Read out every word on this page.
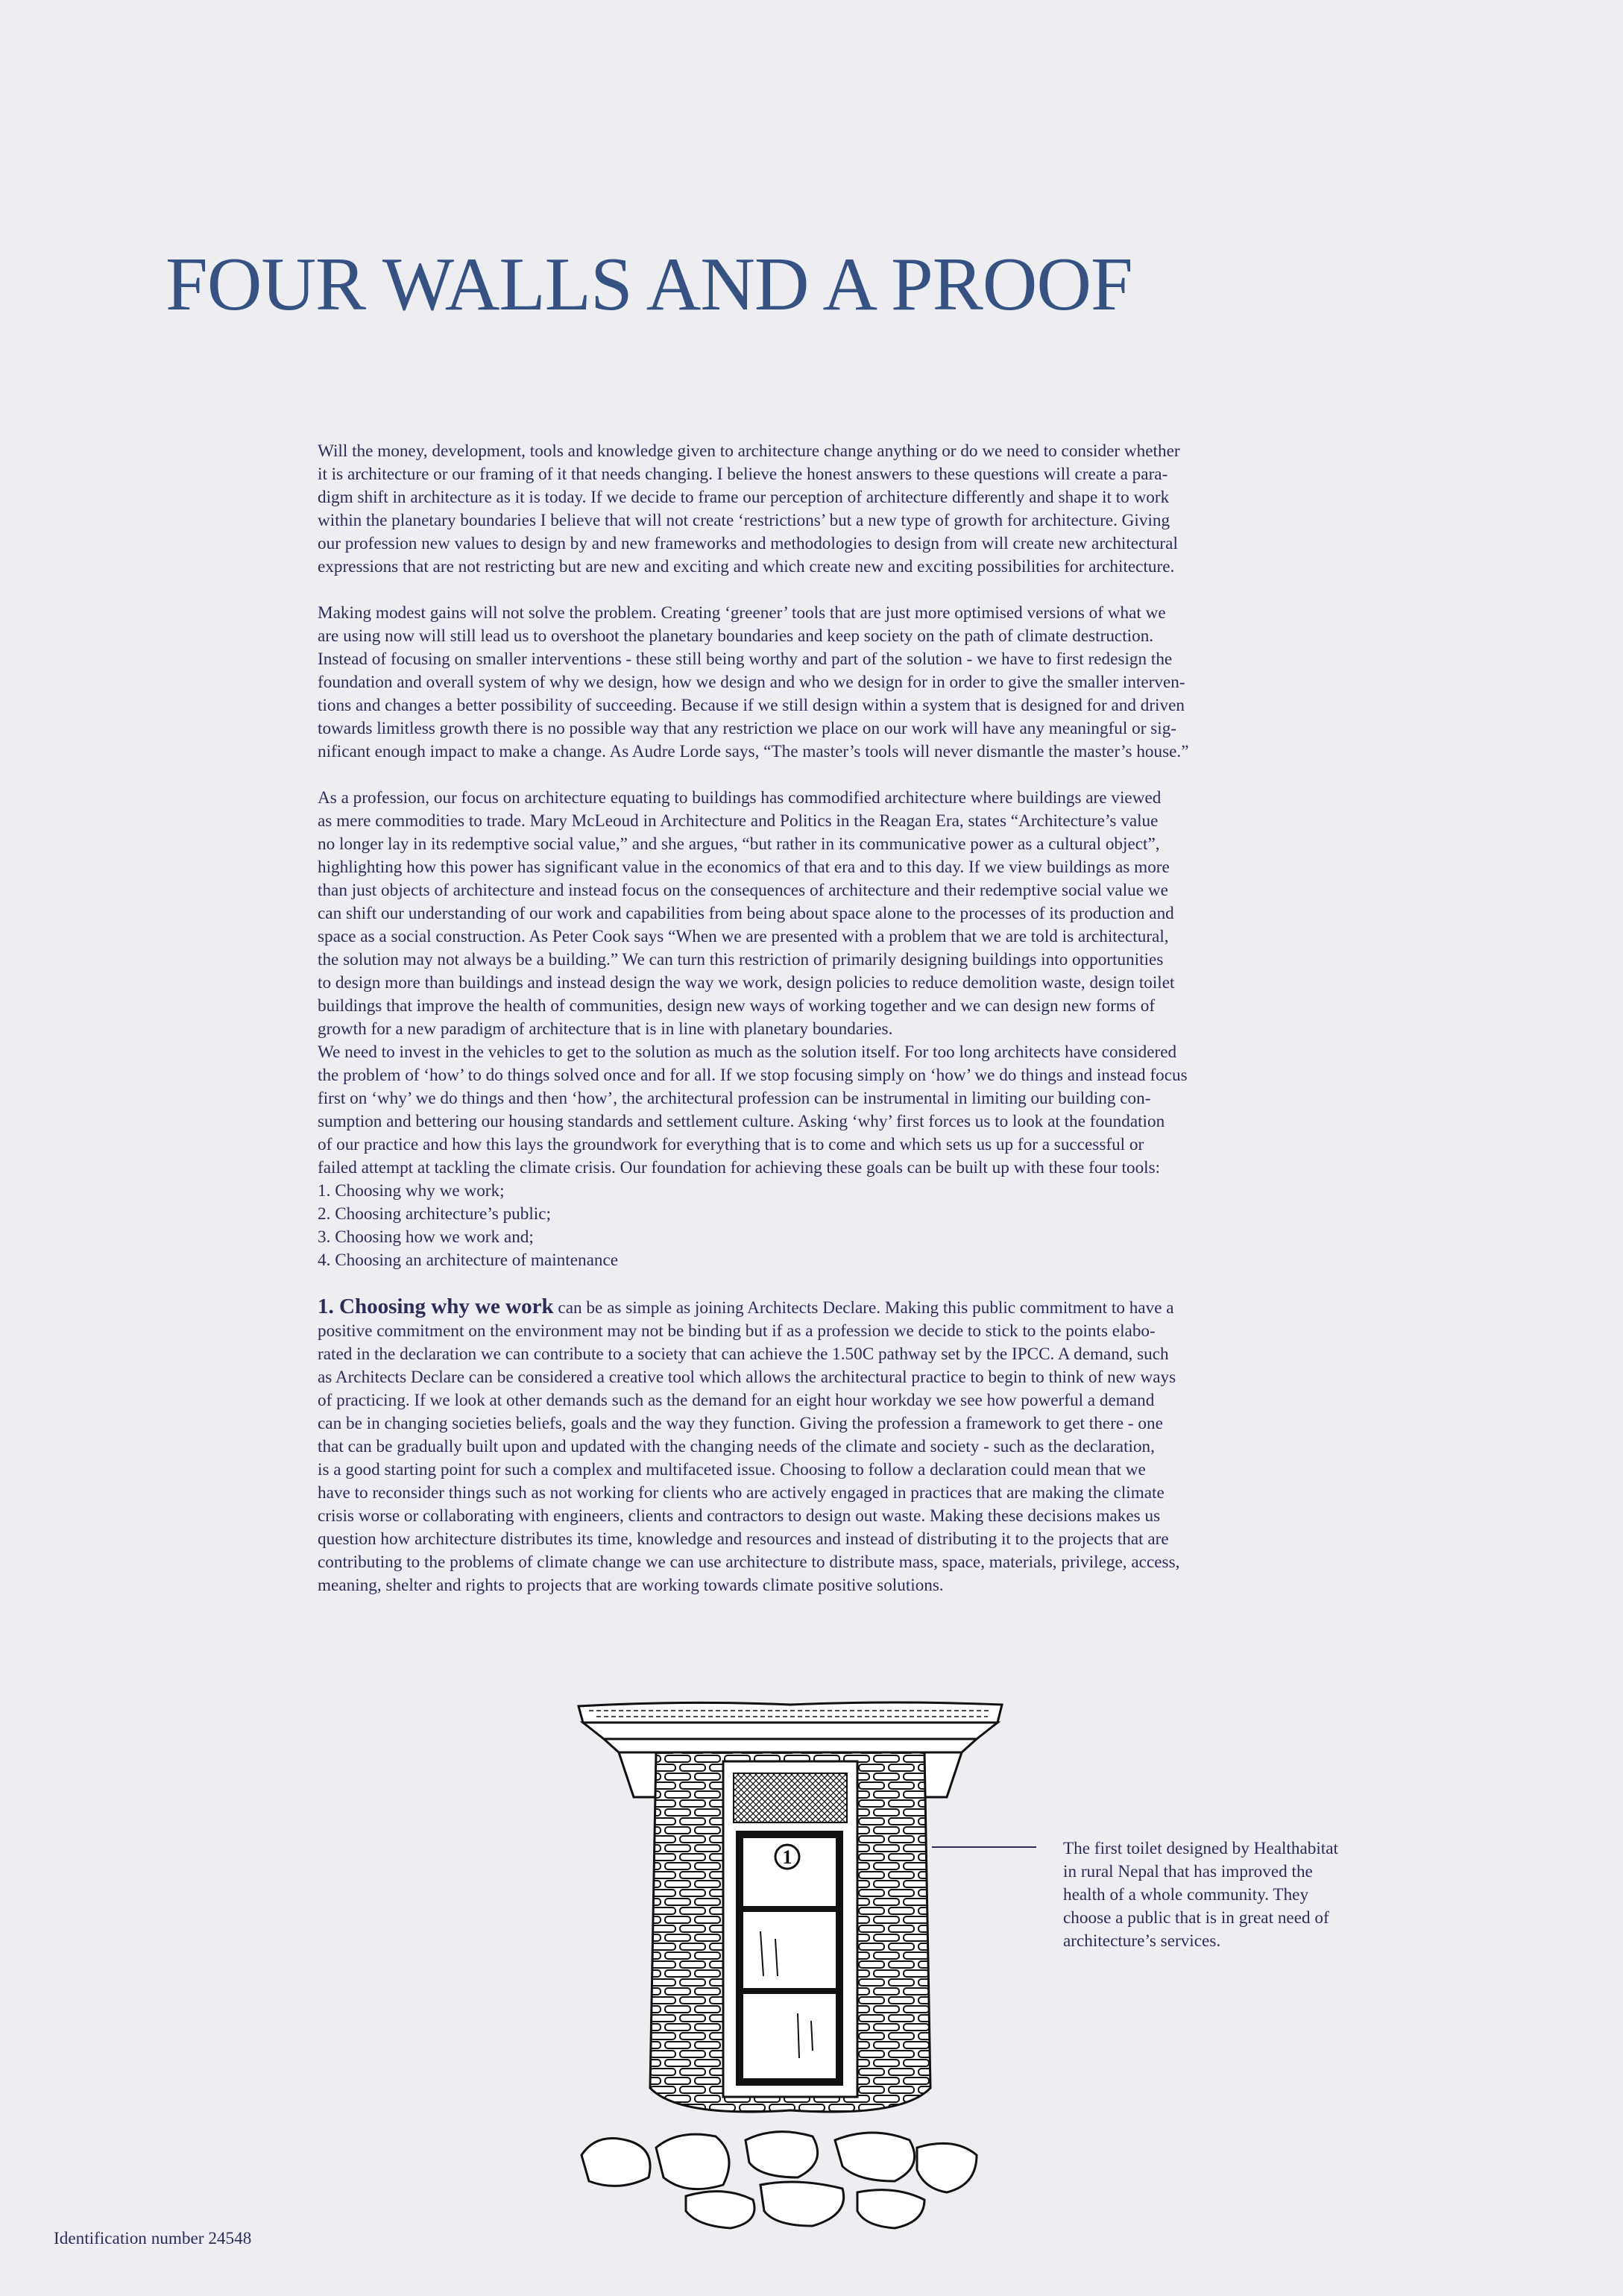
FOUR WALLS AND A PROOF

Will the money, development, tools and knowledge given to architecture change anything or do we need to consider whether

it is architecture or our framing of it that needs changing. I believe the honest answers to these questions will create a para-

digm shift in architecture as it is today. If we decide to frame our perception of architecture differently and shape it to work

within the planetary boundaries I believe that will not create ‘restrictions’ but a new type of growth for architecture. Giving

our profession new values to design by and new frameworks and methodologies to design from will create new architectural

expressions that are not restricting but are new and exciting and which create new and exciting possibilities for architecture.

Making modest gains will not solve the problem. Creating ‘greener’ tools that are just more optimised versions of what we

are using now will still lead us to overshoot the planetary boundaries and keep society on the path of climate destruction.

Instead of focusing on smaller interventions - these still being worthy and part of the solution - we have to first redesign the

foundation and overall system of why we design, how we design and who we design for in order to give the smaller interven-

tions and changes a better possibility of succeeding. Because if we still design within a system that is designed for and driven

towards limitless growth there is no possible way that any restriction we place on our work will have any meaningful or sig-

nificant enough impact to make a change. As Audre Lorde says, “The master’s tools will never dismantle the master’s house.”

As a profession, our focus on architecture equating to buildings has commodified architecture where buildings are viewed

as mere commodities to trade. Mary McLeoud in Architecture and Politics in the Reagan Era, states “Architecture’s value

no longer lay in its redemptive social value,” and she argues, “but rather in its communicative power as a cultural object”,

highlighting how this power has significant value in the economics of that era and to this day. If we view buildings as more

than just objects of architecture and instead focus on the consequences of architecture and their redemptive social value we

can shift our understanding of our work and capabilities from being about space alone to the processes of its production and

space as a social construction. As Peter Cook says “When we are presented with a problem that we are told is architectural,

the solution may not always be a building.” We can turn this restriction of primarily designing buildings into opportunities

to design more than buildings and instead design the way we work, design policies to reduce demolition waste, design toilet

buildings that improve the health of communities, design new ways of working together and we can design new forms of

growth for a new paradigm of architecture that is in line with planetary boundaries.

We need to invest in the vehicles to get to the solution as much as the solution itself. For too long architects have considered

the problem of ‘how’ to do things solved once and for all. If we stop focusing simply on ‘how’ we do things and instead focus

first on ‘why’ we do things and then ‘how’, the architectural profession can be instrumental in limiting our building con-

sumption and bettering our housing standards and settlement culture. Asking ‘why’ first forces us to look at the foundation

of our practice and how this lays the groundwork for everything that is to come and which sets us up for a successful or

failed attempt at tackling the climate crisis. Our foundation for achieving these goals can be built up with these four tools:

1. Choosing why we work;

2. Choosing architecture’s public;

3. Choosing how we work and;

4. Choosing an architecture of maintenance

1. Choosing why we work can be as simple as joining Architects Declare. Making this public commitment to have a

positive commitment on the environment may not be binding but if as a profession we decide to stick to the points elabo-

rated in the declaration we can contribute to a society that can achieve the 1.50C pathway set by the IPCC. A demand, such

as Architects Declare can be considered a creative tool which allows the architectural practice to begin to think of new ways

of practicing. If we look at other demands such as the demand for an eight hour workday we see how powerful a demand

can be in changing societies beliefs, goals and the way they function. Giving the profession a framework to get there - one

that can be gradually built upon and updated with the changing needs of the climate and society - such as the declaration,

is a good starting point for such a complex and multifaceted issue. Choosing to follow a declaration could mean that we

have to reconsider things such as not working for clients who are actively engaged in practices that are making the climate

crisis worse or collaborating with engineers, clients and contractors to design out waste. Making these decisions makes us

question how architecture distributes its time, knowledge and resources and instead of distributing it to the projects that are

contributing to the problems of climate change we can use architecture to distribute mass, space, materials, privilege, access,

meaning, shelter and rights to projects that are working towards climate positive solutions.

1	The first toilet designed by Healthabitat

in rural Nepal that has improved the

health of a whole community. They

choose a public that is in great need of

architecture’s services.

Identification number 24548
